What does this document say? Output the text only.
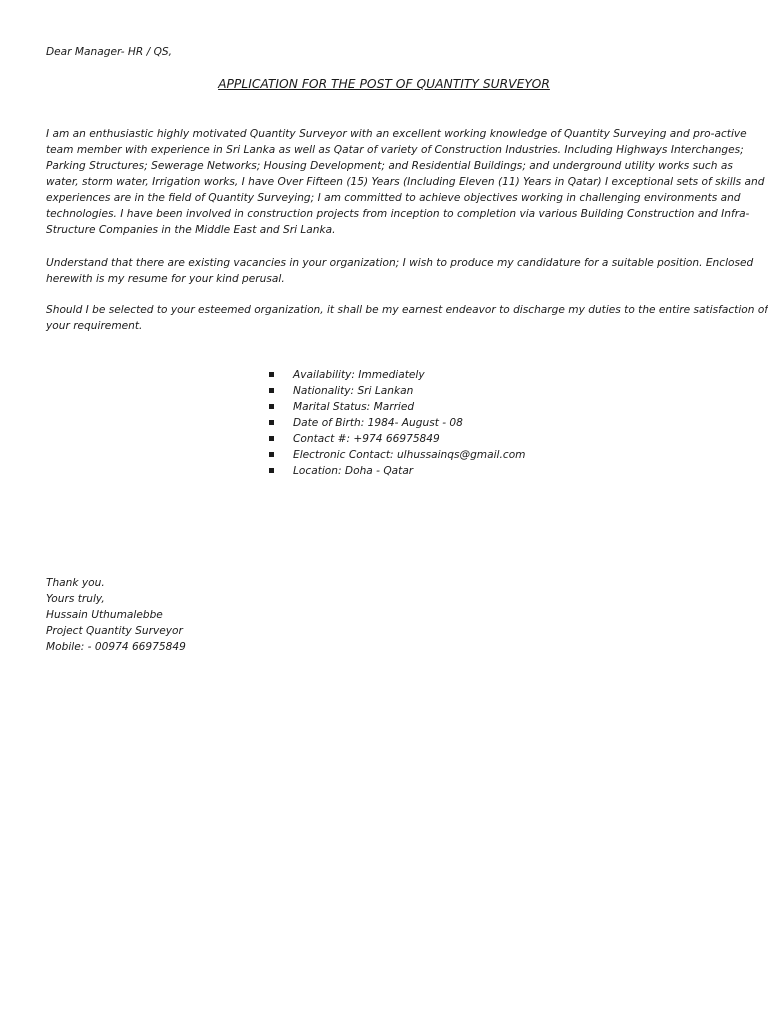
Dear Manager- HR / QS,
APPLICATION FOR THE POST OF QUANTITY SURVEYOR
I am an enthusiastic highly motivated Quantity Surveyor with an excellent working knowledge of Quantity Surveying and pro-active
team member with experience in Sri Lanka as well as Qatar of variety of Construction Industries. Including Highways Interchanges;
Parking Structures; Sewerage Networks; Housing Development; and Residential Buildings; and underground utility works such as
water, storm water, Irrigation works, I have Over Fifteen (15) Years (Including Eleven (11) Years in Qatar) I exceptional sets of skills and
experiences are in the field of Quantity Surveying; I am committed to achieve objectives working in challenging environments and
technologies. I have been involved in construction projects from inception to completion via various Building Construction and Infra-
Structure Companies in the Middle East and Sri Lanka.
Understand that there are existing vacancies in your organization; I wish to produce my candidature for a suitable position. Enclosed
herewith is my resume for your kind perusal.
Should I be selected to your esteemed organization, it shall be my earnest endeavor to discharge my duties to the entire satisfaction of
your requirement.
Availability: Immediately
Nationality: Sri Lankan
Marital Status: Married
Date of Birth: 1984- August - 08
Contact #: +974 66975849
Electronic Contact: ulhussainqs@gmail.com
Location: Doha - Qatar
Thank you.
Yours truly,
Hussain Uthumalebbe
Project Quantity Surveyor
Mobile: - 00974 66975849
